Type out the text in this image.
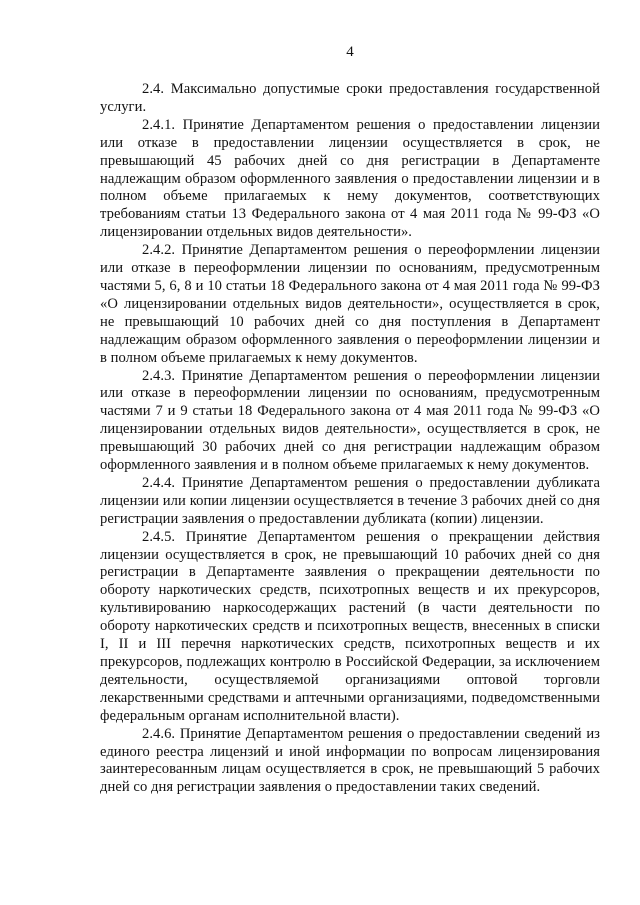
4

2.4. Максимально допустимые сроки предоставления государственной услуги.

2.4.1. Принятие Департаментом решения о предоставлении лицензии или отказе в предоставлении лицензии осуществляется в срок, не превышающий 45 рабочих дней со дня регистрации в Департаменте надлежащим образом оформленного заявления о предоставлении лицензии и в полном объеме прилагаемых к нему документов, соответствующих требованиям статьи 13 Федерального закона от 4 мая 2011 года № 99-ФЗ «О лицензировании отдельных видов деятельности».

2.4.2. Принятие Департаментом решения о переоформлении лицензии или отказе в переоформлении лицензии по основаниям, предусмотренным частями 5, 6, 8 и 10 статьи 18 Федерального закона от 4 мая 2011 года № 99-ФЗ «О лицензировании отдельных видов деятельности», осуществляется в срок, не превышающий 10 рабочих дней со дня поступления в Департамент надлежащим образом оформленного заявления о переоформлении лицензии и в полном объеме прилагаемых к нему документов.

2.4.3. Принятие Департаментом решения о переоформлении лицензии или отказе в переоформлении лицензии по основаниям, предусмотренным частями 7 и 9 статьи 18 Федерального закона от 4 мая 2011 года № 99-ФЗ «О лицензировании отдельных видов деятельности», осуществляется в срок, не превышающий 30 рабочих дней со дня регистрации надлежащим образом оформленного заявления и в полном объеме прилагаемых к нему документов.

2.4.4. Принятие Департаментом решения о предоставлении дубликата лицензии или копии лицензии осуществляется в течение 3 рабочих дней со дня регистрации заявления о предоставлении дубликата (копии) лицензии.

2.4.5. Принятие Департаментом решения о прекращении действия лицензии осуществляется в срок, не превышающий 10 рабочих дней со дня регистрации в Департаменте заявления о прекращении деятельности по обороту наркотических средств, психотропных веществ и их прекурсоров, культивированию наркосодержащих растений (в части деятельности по обороту наркотических средств и психотропных веществ, внесенных в списки I, II и III перечня наркотических средств, психотропных веществ и их прекурсоров, подлежащих контролю в Российской Федерации, за исключением деятельности, осуществляемой организациями оптовой торговли лекарственными средствами и аптечными организациями, подведомственными федеральным органам исполнительной власти).

2.4.6. Принятие Департаментом решения о предоставлении сведений из единого реестра лицензий и иной информации по вопросам лицензирования заинтересованным лицам осуществляется в срок, не превышающий 5 рабочих дней со дня регистрации заявления о предоставлении таких сведений.
